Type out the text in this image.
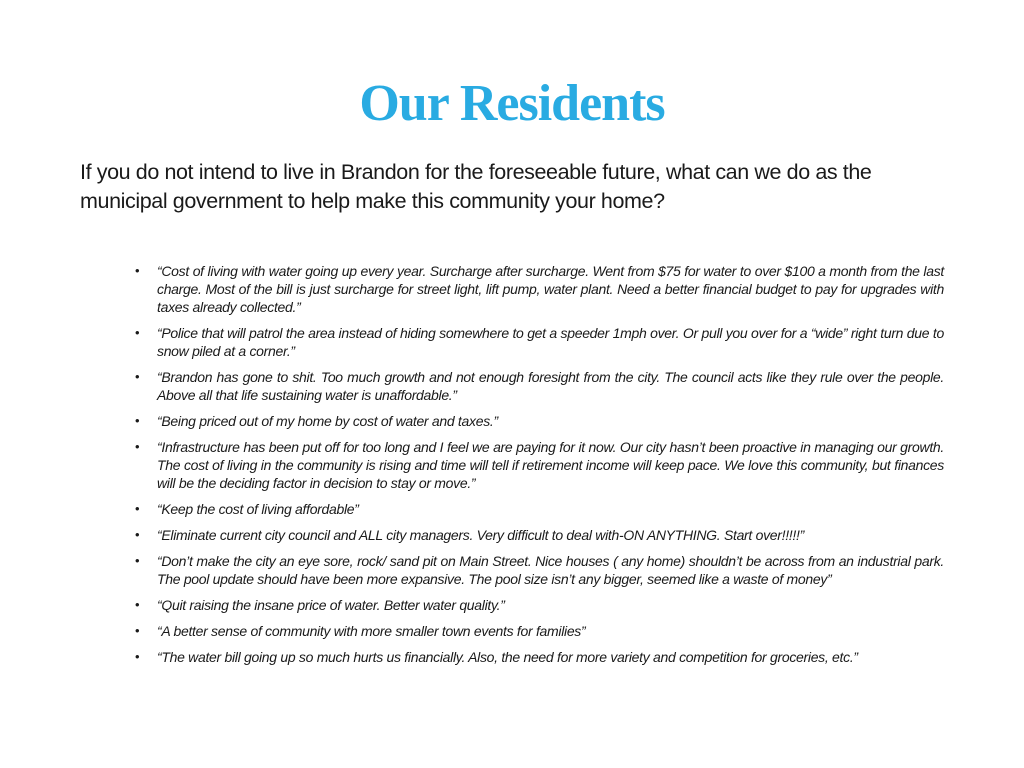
Our Residents

If you do not intend to live in Brandon for the foreseeable future, what can we do as the municipal government to help make this community your home?

• “Cost of living with water going up every year. Surcharge after surcharge. Went from $75 for water to over $100 a month from the last charge. Most of the bill is just surcharge for street light, lift pump, water plant. Need a better financial budget to pay for upgrades with taxes already collected.”
• “Police that will patrol the area instead of hiding somewhere to get a speeder 1mph over. Or pull you over for a “wide” right turn due to snow piled at a corner.”
• “Brandon has gone to shit. Too much growth and not enough foresight from the city. The council acts like they rule over the people. Above all that life sustaining water is unaffordable.”
• “Being priced out of my home by cost of water and taxes.”
• “Infrastructure has been put off for too long and I feel we are paying for it now. Our city hasn’t been proactive in managing our growth. The cost of living in the community is rising and time will tell if retirement income will keep pace. We love this community, but finances will be the deciding factor in decision to stay or move.”
• “Keep the cost of living affordable”
• “Eliminate current city council and ALL city managers. Very difficult to deal with-ON ANYTHING. Start over!!!!!”
• “Don’t make the city an eye sore, rock/ sand pit on Main Street. Nice houses ( any home) shouldn’t be across from an industrial park. The pool update should have been more expansive. The pool size isn’t any bigger, seemed like a waste of money”
• “Quit raising the insane price of water. Better water quality.”
• “A better sense of community with more smaller town events for families”
• “The water bill going up so much hurts us financially. Also, the need for more variety and competition for groceries, etc.”
